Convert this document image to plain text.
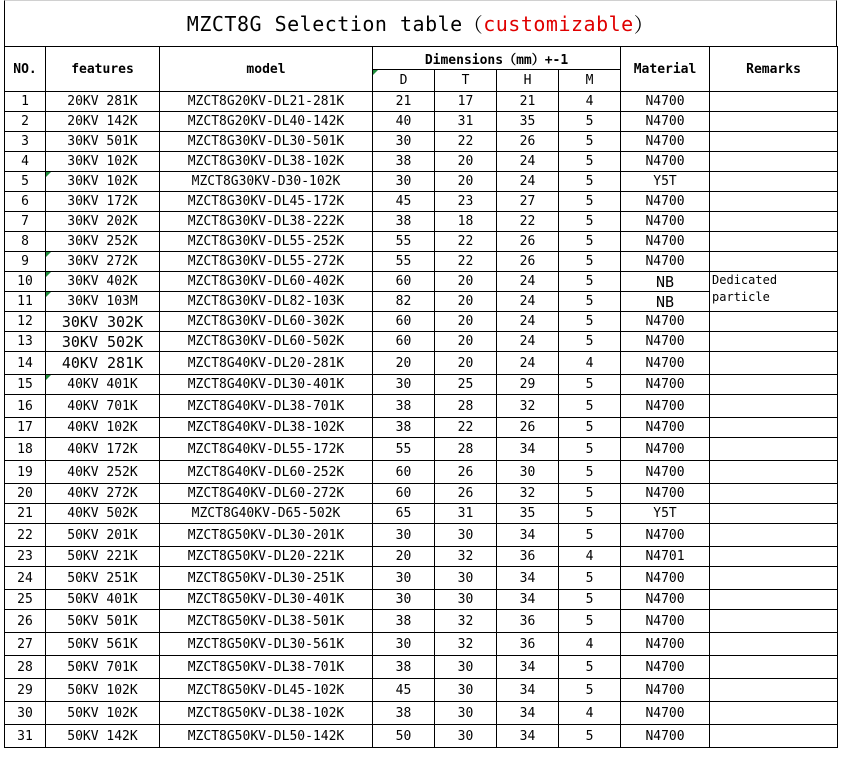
MZCT8G Selection table （ customizable ）
NO.	features	model	Dimensions（mm）+-1				Material	Remarks
			D	T	H	M		
1	20KV 281K	MZCT8G20KV-DL21-281K	21	17	21	4	N4700	
2	20KV 142K	MZCT8G20KV-DL40-142K	40	31	35	5	N4700	
3	30KV 501K	MZCT8G30KV-DL30-501K	30	22	26	5	N4700	
4	30KV 102K	MZCT8G30KV-DL38-102K	38	20	24	5	N4700	
5	30KV 102K	MZCT8G30KV-D30-102K	30	20	24	5	Y5T	
6	30KV 172K	MZCT8G30KV-DL45-172K	45	23	27	5	N4700	
7	30KV 202K	MZCT8G30KV-DL38-222K	38	18	22	5	N4700	
8	30KV 252K	MZCT8G30KV-DL55-252K	55	22	26	5	N4700	
9	30KV 272K	MZCT8G30KV-DL55-272K	55	22	26	5	N4700	
10	30KV 402K	MZCT8G30KV-DL60-402K	60	20	24	5	NB	Dedicated
particle

11	30KV 103M	MZCT8G30KV-DL82-103K	82	20	24	5	NB	
12	30KV 302K	MZCT8G30KV-DL60-302K	60	20	24	5	N4700	
13	30KV 502K	MZCT8G30KV-DL60-502K	60	20	24	5	N4700	
14	40KV 281K	MZCT8G40KV-DL20-281K	20	20	24	4	N4700	
15	40KV 401K	MZCT8G40KV-DL30-401K	30	25	29	5	N4700	
16	40KV 701K	MZCT8G40KV-DL38-701K	38	28	32	5	N4700	
17	40KV 102K	MZCT8G40KV-DL38-102K	38	22	26	5	N4700	
18	40KV 172K	MZCT8G40KV-DL55-172K	55	28	34	5	N4700	
19	40KV 252K	MZCT8G40KV-DL60-252K	60	26	30	5	N4700	
20	40KV 272K	MZCT8G40KV-DL60-272K	60	26	32	5	N4700	
21	40KV 502K	MZCT8G40KV-D65-502K	65	31	35	5	Y5T	
22	50KV 201K	MZCT8G50KV-DL30-201K	30	30	34	5	N4700	
23	50KV 221K	MZCT8G50KV-DL20-221K	20	32	36	4	N4701	
24	50KV 251K	MZCT8G50KV-DL30-251K	30	30	34	5	N4700	
25	50KV 401K	MZCT8G50KV-DL30-401K	30	30	34	5	N4700	
26	50KV 501K	MZCT8G50KV-DL38-501K	38	32	36	5	N4700	
27	50KV 561K	MZCT8G50KV-DL30-561K	30	32	36	4	N4700	
28	50KV 701K	MZCT8G50KV-DL38-701K	38	30	34	5	N4700	
29	50KV 102K	MZCT8G50KV-DL45-102K	45	30	34	5	N4700	
30	50KV 102K	MZCT8G50KV-DL38-102K	38	30	34	4	N4700	
31	50KV 142K	MZCT8G50KV-DL50-142K	50	30	34	5	N4700	
